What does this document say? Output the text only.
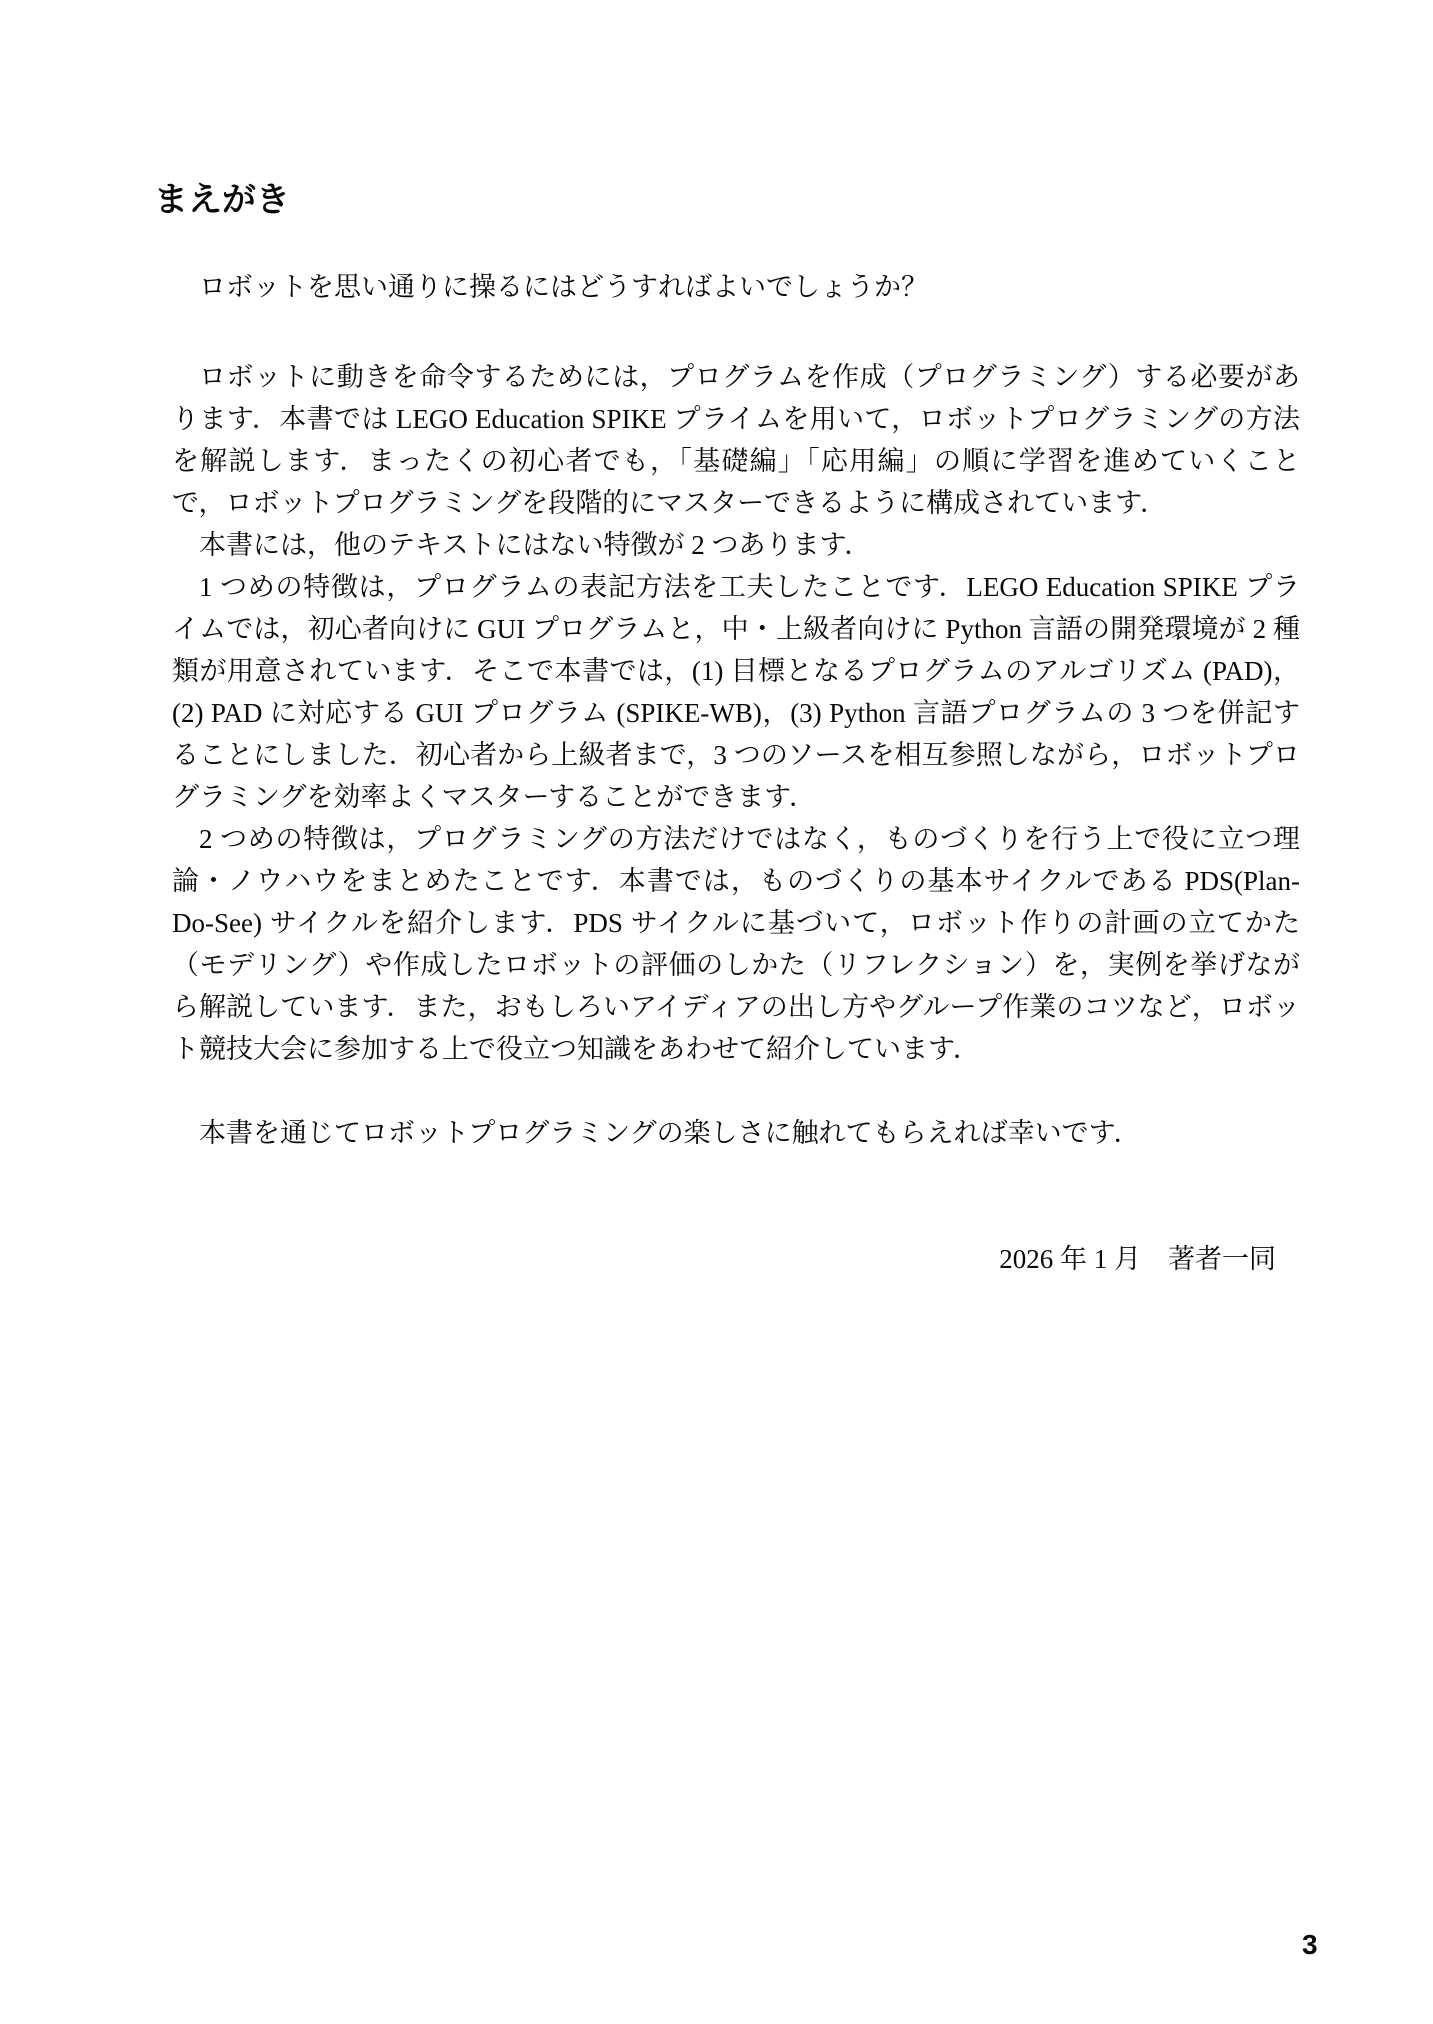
まえがき

ロボットを思い通りに操るにはどうすればよいでしょうか？

ロボットに動きを命令するためには，プログラムを作成（プログラミング）する必要があります．本書では LEGO Education SPIKE プライムを用いて，ロボットプログラミングの方法を解説します．まったくの初心者でも，「基礎編」「応用編」の順に学習を進めていくことで，ロボットプログラミングを段階的にマスターできるように構成されています．

本書には，他のテキストにはない特徴が 2 つあります．

1 つめの特徴は，プログラムの表記方法を工夫したことです．LEGO Education SPIKE プライムでは，初心者向けに GUI プログラムと，中・上級者向けに Python 言語の開発環境が 2 種類が用意されています．そこで本書では，(1) 目標となるプログラムのアルゴリズム (PAD)，(2) PAD に対応する GUI プログラム (SPIKE-WB)，(3) Python 言語プログラムの 3 つを併記することにしました．初心者から上級者まで，3 つのソースを相互参照しながら，ロボットプログラミングを効率よくマスターすることができます．

2 つめの特徴は，プログラミングの方法だけではなく，ものづくりを行う上で役に立つ理論・ノウハウをまとめたことです．本書では，ものづくりの基本サイクルである PDS(Plan-Do-See) サイクルを紹介します．PDS サイクルに基づいて，ロボット作りの計画の立てかた（モデリング）や作成したロボットの評価のしかた（リフレクション）を，実例を挙げながら解説しています．また，おもしろいアイディアの出し方やグループ作業のコツなど，ロボット競技大会に参加する上で役立つ知識をあわせて紹介しています．

本書を通じてロボットプログラミングの楽しさに触れてもらえれば幸いです．

2026 年 1 月　著者一同

3
